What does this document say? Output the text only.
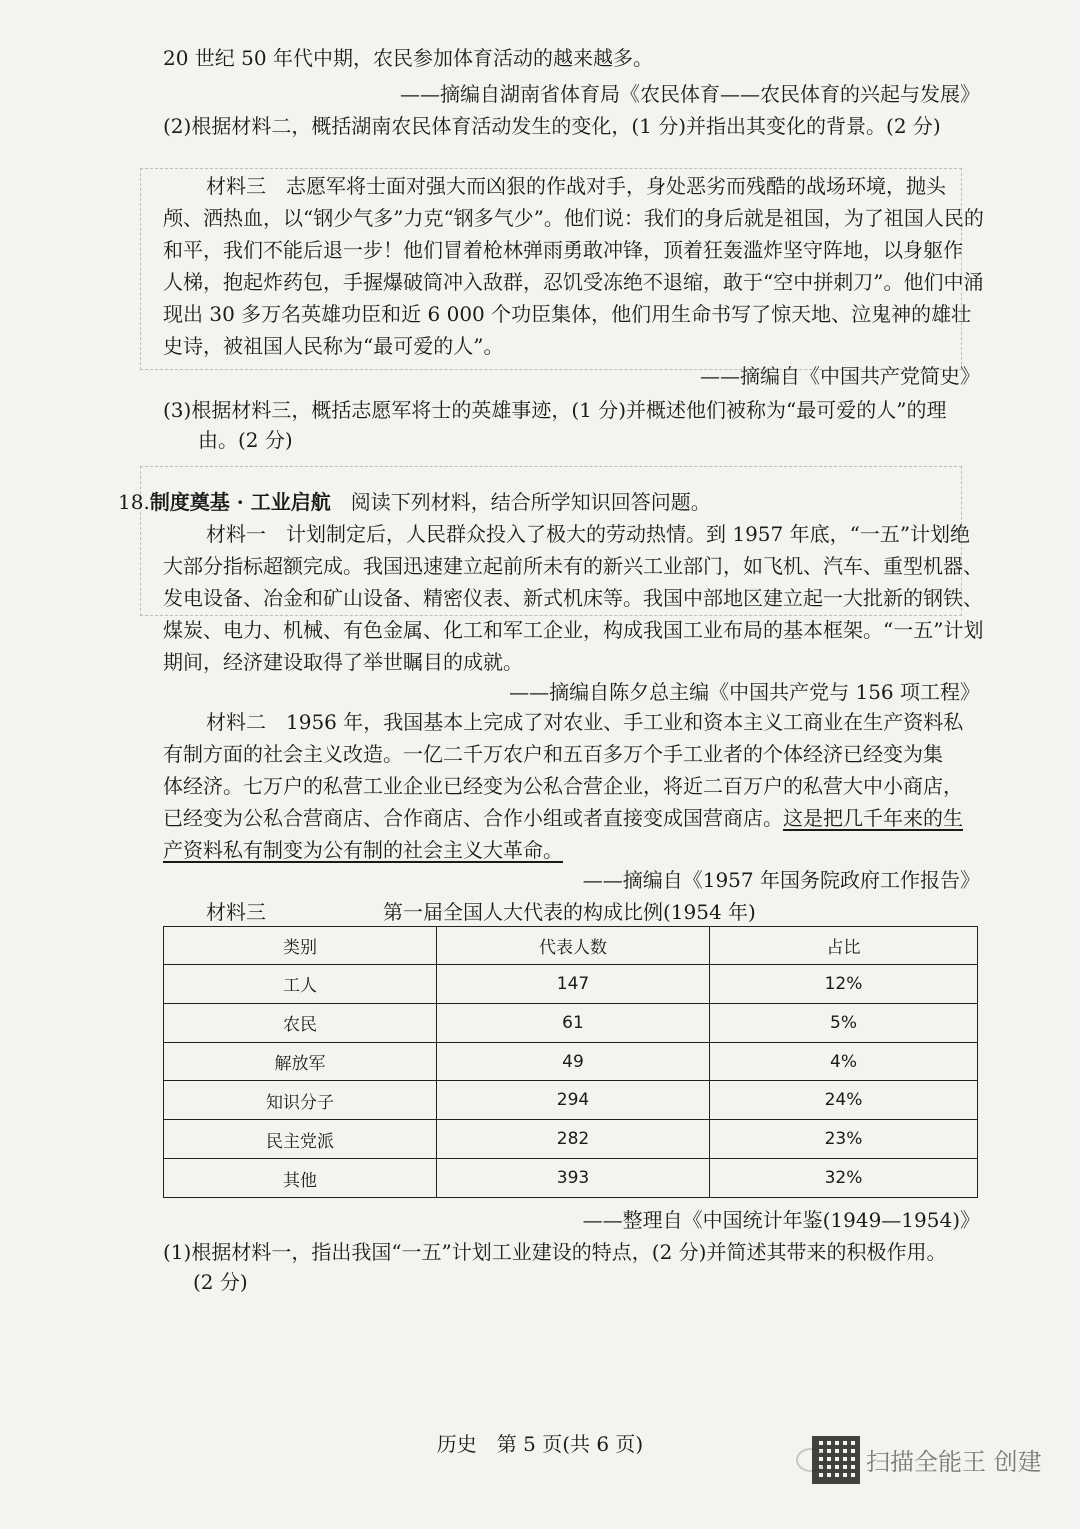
20 世纪 50 年代中期，农民参加体育活动的越来越多。
——摘编自湖南省体育局《农民体育——农民体育的兴起与发展》
(2)根据材料二，概括湖南农民体育活动发生的变化，(1 分)并指出其变化的背景。(2 分)
材料三　志愿军将士面对强大而凶狠的作战对手，身处恶劣而残酷的战场环境，抛头
颅、洒热血，以“钢少气多”力克“钢多气少”。他们说：我们的身后就是祖国，为了祖国人民的
和平，我们不能后退一步！他们冒着枪林弹雨勇敢冲锋，顶着狂轰滥炸坚守阵地，以身躯作
人梯，抱起炸药包，手握爆破筒冲入敌群，忍饥受冻绝不退缩，敢于“空中拼刺刀”。他们中涌
现出 30 多万名英雄功臣和近 6 000 个功臣集体，他们用生命书写了惊天地、泣鬼神的雄壮
史诗，被祖国人民称为“最可爱的人”。
——摘编自《中国共产党简史》
(3)根据材料三，概括志愿军将士的英雄事迹，(1 分)并概述他们被称为“最可爱的人”的理
由。(2 分)
18.制度奠基 · 工业启航　 阅读下列材料，结合所学知识回答问题。
材料一　计划制定后，人民群众投入了极大的劳动热情。到 1957 年底，“一五”计划绝
大部分指标超额完成。我国迅速建立起前所未有的新兴工业部门，如飞机、汽车、重型机器、
发电设备、冶金和矿山设备、精密仪表、新式机床等。我国中部地区建立起一大批新的钢铁、
煤炭、电力、机械、有色金属、化工和军工企业，构成我国工业布局的基本框架。“一五”计划
期间，经济建设取得了举世瞩目的成就。
——摘编自陈夕总主编《中国共产党与 156 项工程》
材料二　1956 年，我国基本上完成了对农业、手工业和资本主义工商业在生产资料私
有制方面的社会主义改造。一亿二千万农户和五百多万个手工业者的个体经济已经变为集
体经济。七万户的私营工业企业已经变为公私合营企业，将近二百万户的私营大中小商店，
已经变为公私合营商店、合作商店、合作小组或者直接变成国营商店。这是把几千年来的生
产资料私有制变为公有制的社会主义大革命。
——摘编自《1957 年国务院政府工作报告》
材料三	第一届全国人大代表的构成比例(1954 年)
类别	代表人数	占比
工人	147	12%
农民	61	5%
解放军	49	4%
知识分子	294	24%
民主党派	282	23%
其他	393	32%
——整理自《中国统计年鉴(1949—1954)》
(1)根据材料一，指出我国“一五”计划工业建设的特点，(2 分)并简述其带来的积极作用。
(2 分)
历史　第 5 页(共 6 页)
扫描全能王 创建
